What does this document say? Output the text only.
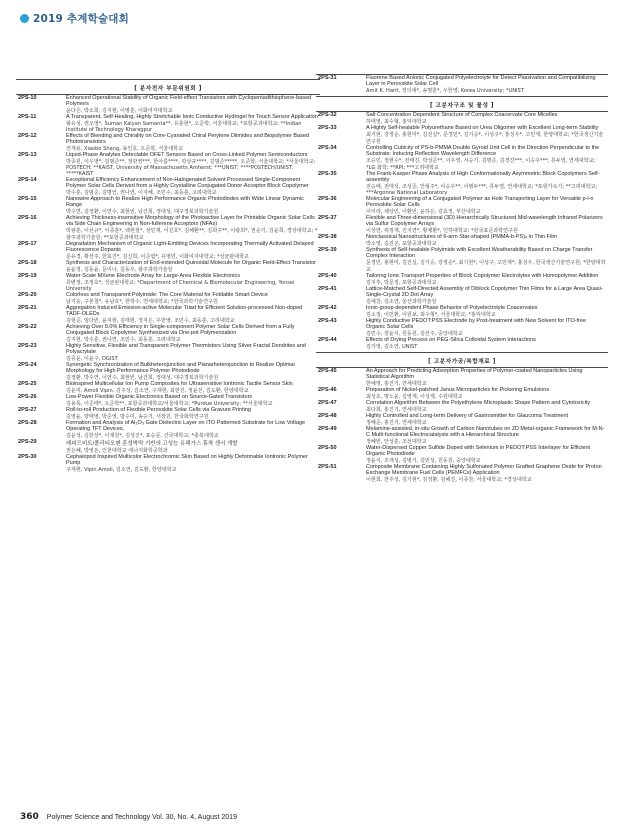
2019 추계학술대회
[ 분자전자 부문위원회 ]
2PS-10	Enhanced Operational Stability of Organic Field-effect Transistors with Cyclopentadithiophene-based Polymers
윤다은, 박소희, 김지현, 이병훈, 이화여자대학교
2PS-11	A Transparent, Self-Healing, Highly Stretchable Ionic Conductive Hydrogel for Touch Sensor Application
왕유성, 권오영*, Suman Kalyan Samanta**, 유충현*, 오준학, 서울대학교; *포항공과대학교; **Indian Institute of Technology Kharagpur
2PS-12	Effects of Blending and Chirality on Core-Cyanated Chiral Perylene Diimides and Biopolymer Based Phototransistors
전재용, Xiaobo Shang, 송인호, 오준학, 서울대학교
2PS-13	Liquid-Phase Analytes Detectable OFET Sensors Based on Cross-Linked Polymer Semiconductors
박종원, 이우영*, 김범준**, 정관영***, 한아름****, 곽상규****, 김범준*****, 오준학, 서울대학교; *서울대학교; POSTECH; **KAIST, University of Massachusetts Amherst; ***UNIST; ****POSTECH/UNIST; *****KAIST
2PS-14	Exceptional Efficiency Enhancement of Non-Halogenated Solvent Processed Single-Component Polymer Solar Cells Derived from a Highly Crystalline Conjugated Donor-Acceptor Block Copolymer
박수훈, 김범준, 김명언, 권나연, 이지혜, 조민수, 최동훈, 고려대학교
2PS-15	Nanowire Approach to Realize High Performance Organic Photodiodes with Wide Linear Dynamic Range
박수연, 김정환, 이연수, 최현빈, 남건희, 정대성, 대구경북과학기술원
2PS-16	Achieving Thickness-insensitive Morphology of the Photoactive Layer for Printable Organic Solar Cells via Side Chain Engineering in Non-fullerene Acceptors (NFAs)
박광훈, 이선규*, 이종훈*, 백현철*, 성민재, 이진호*, 김해환**, 김희주**, 이광희*, 권순기, 김윤희, 경상대학교; *광주과학기술원; **포항공과대학교
2PS-17	Degradation Mechanism of Organic Light-Emitting Devices Incorporating Thermally Activated Delayed Fluorescence Dopants
문유경, 황선주, 한효진*, 김신희, 이준엽*, 유영민, 이화여자대학교; *성균관대학교
2PS-18	Synthesis and Characterization of End-extended Quinoidal Molecule for Organic Field-Effect Transistor
윤윤정, 김동윤, 문미나, 김동우, 광주과학기술원
2PS-19	Water-Scale MXene Electrode Array for Large-Area Flexible Electronics
류변정, 조정호*, 성균관대학교; *Department of Chemical & Biomolecular Engineering, Yonsei University
2PS-20	Colorless and Transparent Polyimide: The Core Material for Foldable Smart Device
남기웅, 구본철*, 유남호*, 한학수, 연세대학교; *한국과학기술연구원
2PS-21	Aggregation Induced Emission-active Molecular Triad for Efficient Solution-processed Non-doped TADF-OLEDs
김현준, 임다빈, 윤지현, 김태현, 정지은, 우한영, 조민수, 최동훈, 고려대학교
2PS-22	Achieving Over 5.0% Efficiency in Single-component Polymer Solar Cells Derived from a Fully Conjugated Block Copolymer Synthesized via One-pot Polymerization
김지현, 박수훈, 권나연, 조민수, 최동훈, 고려대학교
2PS-23	Highly Sensitive, Flexible and Transparent Polymer Thermistors Using Silver Fractal Dendrites and Polyacrylate
김종윤, 이윤구, DGIST
2PS-24	Synergetic Synchronization of Bulkheterojunction and Planarheterojunction to Realize Optimal Morphology for High Performance Polymer Photodiode
김정환, 박수연, 이연수, 최현빈, 남건희, 정대성, 대구경북과학기술원
2PS-25	Bioinspired Multicellular Ion Pump Composites for Ultrasensitive Iontronic Tactile Sensor Skin
김윤미, Amoli Vipin, 김주성, 김소연, 구재현, 최한진, 정윤선, 김도환, 한양대학교
2PS-26	Low-Power Flexible Organic Electronics Based on Source-Gated Transistors
김용록, 이준태*, 오준학**, 포항공과대학교/서울대학교; *Purdue University; **서울대학교
2PS-27	Roll-to-roll Production of Flexible Perovskite Solar Cells via Gravure Printing
김영윤, 양태영, 박준영, 방수미, 송승기, 서장원, 한국화학연구원
2PS-28	Formation and Analysis of Al₂O₃ Gate Dielectric Layer on ITO Patterned Substrate for Low Voltage Operating TFT Devices,
김윤성, 김한상*, 이재원*, 김성진*, 표승문, 건국대학교; *충북대학교
2PS-29	레피드비트/폴리티오펜 혼성박막 기반의 고성능 유해가스 휴착 센서 개발
권은혜, 박영돈, 인천대학교 에너지화학공학과
2PS-30	Cephalopod Inspired Multicolor Electrochromic Skin Based on Highly Deformable Iontronic Polymer Pump
구재현, Vipin Amoli, 김소연, 김도환, 한양대학교
2PS-31	Fluorene Based Anionic Conjugated Polyelectrolyte for Detect Passivation and Compatibilizing Layer in Perovskite Solar Cell
Amit K. Harit, 정의대*, 송명훈*, 우한영, Korea University; *UNIST
[ 고분자구조 및 물성 ]
2PS-32	Salt Concentration Dependent Structure of Complex Coacervate Core Micelles
하태영, 최수형, 홍익대학교
2PS-33	A Highly Self-healable Polyurethane Based on Urea Oligomer with Excellent Long-term Stability
최기현, 강정순, 홍현미*, 김진실*, 문경민*, 김기승*, 이성구*, 홍성우*, 고민재, 한양대학교; *한국생산기술연구원
2PS-34	Controlling Cubicity of PS-b-PMMA Double Gyroid Unit Cell in the Direction Perpendicular to the Substrate: Inducing Reflection Wavelength Difference
조승민, 정현수*, 전태진, 박성준**, 이우영, 서승기, 김명준, 김경진***, 이승우***, 류두열, 연세대학교; *LG 화학; **RPI; ***고려대학교
2PS-35	The Frank-Kasper Phase Analysis of High Conformationally Asymmetric Block Copolymers Self-assembly
전승배, 전태석, 조성준, 안형주*, 이승우**, 이병두***, 류두열, 연세대학교; *포항가속기; **고려대학교; ***Argonne National Laboratory
2PS-36	Molecular Engineering of a Conjugated Polymer as Hole Transporting Layer for Versatile p-i-n Perovskite Solar Cells
이미라, 채상민, 이환빈, 윤하은, 김효정, 부산대학교
2PS-37	Flexible and Three-dimensional (3D) Hierarchically Structured Mid-wavelength Infrared Polarizers via Sulfur Copolymer Arrays
이상연, 위정재, 진지연*, 황제환*, 인하대학교; *한국표준과학연구원
2PS-38	Nonclassical Nanostructures of 6-arm Star-shaped (PMMA-b-PS)₆ in Thin Film
박소영, 김진곤, 포항공과대학교
2PS-39	Synthesis of Self-healable Polyimide with Excellent Weatherability Based on Charge Transfer Complex Interaction
문경민, 홍현미, 김진실, 김기승, 강정순*, 최기현*, 이성구, 고민재*, 홍성우, 한국생산기술연구원; *한양대학교
2PS-40	Tailoring Ionic Transport Properties of Block Copolymer Electrolytes with Homopolymer Addition
김지후, 박문정, 포항공과대학교
2PS-41	Lattice-Matched Self-Directed Assembly of Diblock Copolymer Thin Films for a Large Area Quasi-Single-Crystal 2D Dot Array
김예찬, 김소연, 울산과학기술원
2PS-42	Ionic-group-dependent Phase Behavior of Polyelectrolyte Coacervates
김소정, 이민환, 이원보, 최수형*, 서울대학교; *홍익대학교
2PS-43	Highly Conductive PEDOT:PSS Electrode by Post-treatment with New Solvent for ITO-free Organic Solar Cells
김민수, 장윤식, 원동원, 김선주, 중앙대학교
2PS-44	Effects of Drying Process on PEG-Silica Colloidal System Interactions
김가영, 김소연, UNIST
[ 고분자가공/복합재료 ]
2PS-45	An Approach for Predicting Adsorption Properties of Polymer-coated Nanoparticles Using Statistical Algorithm
한예영, 홍진기, 연세대학교
2PS-46	Preparation of Nickel-patched Janus Microparticles for Pickering Emulsions
최성호, 명노윤, 김영재, 이성재, 수원대학교
2PS-47	Correlation Algorithm Between the Polyethylene Microplastic Shape Pattern and Cytotoxicity
최다희, 홍진기, 연세대학교
2PS-48	Highly Controlled and Long-term Delivery of Gastrosmitter for Glaucoma Treatment
정혜준, 홍진기, 연세대학교
2PS-49	Melamine-assisted, in-situ Growth of Carbon Nanotubes on 2D Metal-organic Framework for M-N-C Multi-functional Electrocatalysts with a Hierarchical Structure
정혜빈, 안성훈, 조선대학교
2PS-50	Water-Dispersed Copper Sulfide Doped with Selenium in PEDOT:PSS Interlayer for Efficient Organic Photodiode
정윤식, 조재성, 김병기, 김민성, 원동원, 중앙대학교
2PS-51	Composite Membrane Containing Highly Sulfonated Polymer Grafted Graphene Oxide for Proton Exchange Membrane Fuel Cells (PEMFCs) Application
이현희, 한주성, 김기현*, 김정환, 김해진, 이종찬, 서울대학교; *경상대학교
360 Polymer Science and Technology Vol. 30, No. 4, August 2019
